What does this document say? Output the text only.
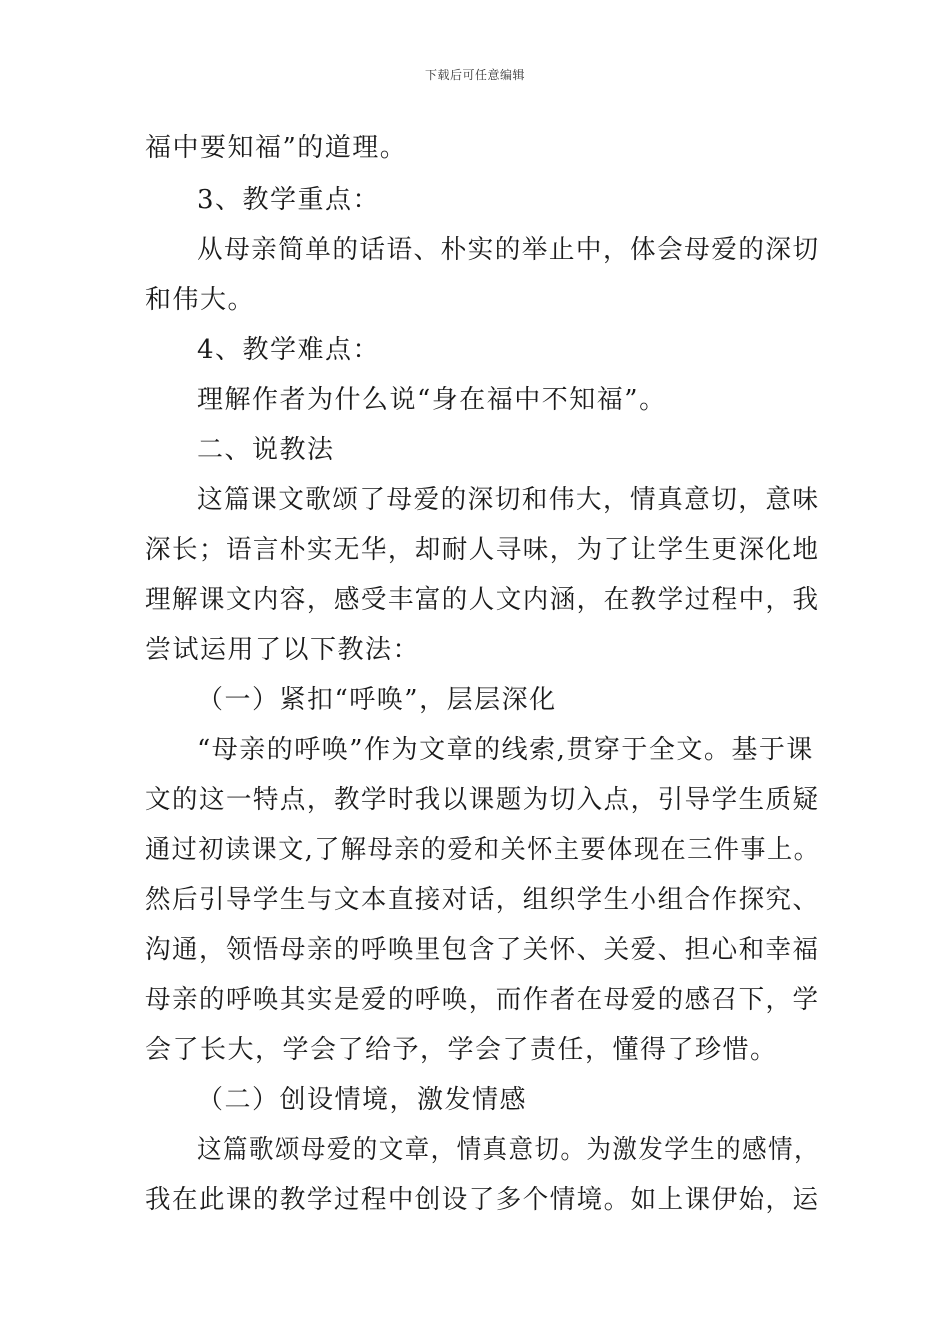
下载后可任意编辑
福中要知福”的道理。
3、教学重点：
从母亲简单的话语、朴实的举止中，体会母爱的深切
和伟大。
4、教学难点：
理解作者为什么说“身在福中不知福”。
二、说教法
这篇课文歌颂了母爱的深切和伟大，情真意切，意味
深长；语言朴实无华，却耐人寻味，为了让学生更深化地
理解课文内容，感受丰富的人文内涵，在教学过程中，我
尝试运用了以下教法：
（一）紧扣“呼唤”，层层深化
“母亲的呼唤”作为文章的线索,贯穿于全文。基于课
文的这一特点，教学时我以课题为切入点，引导学生质疑
通过初读课文,了解母亲的爱和关怀主要体现在三件事上。
然后引导学生与文本直接对话，组织学生小组合作探究、
沟通，领悟母亲的呼唤里包含了关怀、关爱、担心和幸福
母亲的呼唤其实是爱的呼唤，而作者在母爱的感召下，学
会了长大，学会了给予，学会了责任，懂得了珍惜。
（二）创设情境，激发情感
这篇歌颂母爱的文章，情真意切。为激发学生的感情，
我在此课的教学过程中创设了多个情境。如上课伊始，运
